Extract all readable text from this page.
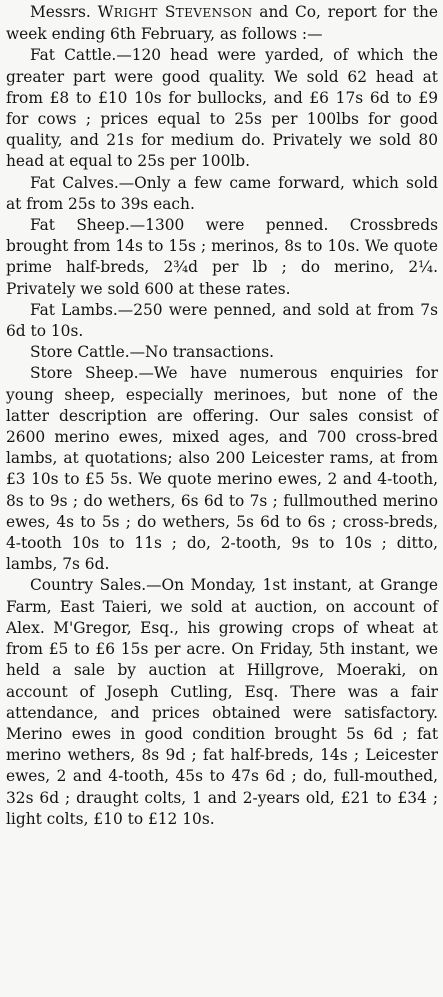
Messrs. WRIGHT STEVENSON and Co, report for the week ending 6th February, as follows :—

Fat Cattle.—120 head were yarded, of which the greater part were good quality. We sold 62 head at from £8 to £10 10s for bullocks, and £6 17s 6d to £9 for cows ; prices equal to 25s per 100lbs for good quality, and 21s for medium do. Privately we sold 80 head at equal to 25s per 100lb.

Fat Calves.—Only a few came forward, which sold at from 25s to 39s each.

Fat Sheep.—1300 were penned. Crossbreds brought from 14s to 15s ; merinos, 8s to 10s. We quote prime half-breds, 2¾d per lb ; do merino, 2¼. Privately we sold 600 at these rates.

Fat Lambs.—250 were penned, and sold at from 7s 6d to 10s.

Store Cattle.—No transactions.

Store Sheep.—We have numerous enquiries for young sheep, especially merinoes, but none of the latter description are offering. Our sales consist of 2600 merino ewes, mixed ages, and 700 cross-bred lambs, at quotations; also 200 Leicester rams, at from £3 10s to £5 5s. We quote merino ewes, 2 and 4-tooth, 8s to 9s ; do wethers, 6s 6d to 7s ; fullmouthed merino ewes, 4s to 5s ; do wethers, 5s 6d to 6s ; cross-breds, 4-tooth 10s to 11s ; do, 2-tooth, 9s to 10s ; ditto, lambs, 7s 6d.

Country Sales.—On Monday, 1st instant, at Grange Farm, East Taieri, we sold at auction, on account of Alex. M'Gregor, Esq., his growing crops of wheat at from £5 to £6 15s per acre. On Friday, 5th instant, we held a sale by auction at Hillgrove, Moeraki, on account of Joseph Cutling, Esq. There was a fair attendance, and prices obtained were satisfactory. Merino ewes in good condition brought 5s 6d ; fat merino wethers, 8s 9d ; fat half-breds, 14s ; Leicester ewes, 2 and 4-tooth, 45s to 47s 6d ; do, full-mouthed, 32s 6d ; draught colts, 1 and 2-years old, £21 to £34 ; light colts, £10 to £12 10s.
